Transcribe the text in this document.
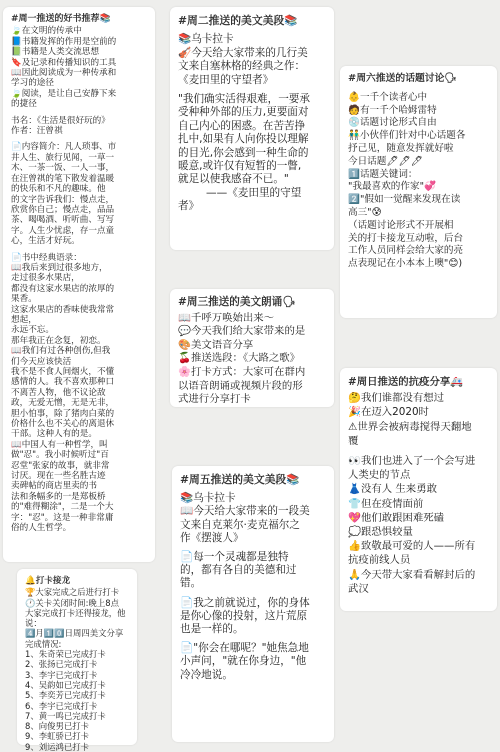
#周一推送的好书推荐📚
🍃在文明的传承中
📘书籍发挥的作用是空前的
📗书籍是人类交流思想
🔖及记录和传播知识的工具
📖因此阅读成为一种传承和
学习的途径
🍃阅读，是让自己安静下来
的捷径
书名：《生活是很好玩的》
作者：汪曾祺
📄内容简介：凡人琐事、市
井人生、旅行见闻，一草一
木、一茶一饭、一人一事，
在汪曾祺的笔下散发着温暖
的快乐和不凡的趣味。他
的文字告诉我们：慢点走，
欣赏你自己；慢点走，品品
茶、喝喝酒、听听曲、写写
字。人生少忧虑，存一点童
心，生活才好玩。
📄书中经典语录：
📖我后来到过很多地方，
走过很多水果店，
都没有这家水果店的浓厚的
果香。
这家水果店的香味使我常常
想起，
永远不忘。
那年我正在念复，初恋。
📖我们有过各种创伤,但我
们今天应该快活
我不是不食人间烟火，不懂
感情的人。我不喜欢那种口
不离苦人物，他不议论敌
政，无爱无憎，无是无非，
胆小怕事，除了猪肉白菜的
价格什么也不关心的离退休
干部。这种人有的是。
📖中国人有一种哲学，叫
做"忍"。我小时候听过"百
忍堂"张家的故事，就非常
讨厌。现在一些名胜古迹
卖碑帖的商店里卖的书
法和条幅多的一是郑板桥
的"难得糊涂"，二是一个大
字："忍"。这是一种非常庸
俗的人生哲学。
🔔打卡接龙
🏆大家完成之后进行打卡
🕐关卡关闭时间:晚上8点
大家完成打卡还得接龙，他
说：
4️⃣月1️⃣0️⃣日周四美文分享
完成情况:
1、朱奇荣已完成打卡
2、张扬已完成打卡
3、李宇已完成打卡
4、吴韵如已完成打卡
5、李奕芳已完成打卡
6、李宇已完成打卡
7、黄一鸣已完成打卡
8、向俊男已打卡
9、李虹骄已打卡
9、刘运鸿已打卡
#周二推送的美文美段📚
📚乌卡拉卡
🎻今天给大家带来的几行美
文来自塞林格的经典之作：
《麦田里的守望者》
"我们确实活得艰难，一要承
受种种外部的压力,更要面对
自己内心的困惑。在苦苦挣
扎中,如果有人向你投以理解
的目光,你会感到一种生命的
暖意,或许仅有短暂的一瞥,
就足以使我感奋不已。"
——《麦田里的守望
者》
#周三推送的美文朗诵🗣
📖千呼万唤始出来～
💬今天我们给大家带来的是
🎨美文语音分享
🍒推送选段：《大路之歌》
🌸打卡方式：大家可在群内
以语音朗诵或视频片段的形
式进行分享打卡
#周五推送的美文美段📚
📚乌卡拉卡
📖今天给大家带来的一段美
文来自克莱尔·麦克福尔之
作《摆渡人》
📄每一个灵魂都是独特
的，都有各自的美德和过
错。
📄我之前就说过，你的身体
是你心像的投射，这片荒原
也是一样的。
📄"你会在哪呢？"她焦急地
小声问，"就在你身边，"他
冷冷地说。
#周六推送的话题讨论🗣
👶一千个读者心中
🧑有一千个哈姆雷特
💿话题讨论形式自由
👬小伙伴们针对中心话题各
抒己见，随意发挥就好啦
今日话题🖊🖊🖊
1️⃣话题关键词：
"我最喜欢的作家"💞
2️⃣"假如一觉醒来发现在读
高三"😰
（话题讨论形式不开展相
关的打卡接龙互动啦，后台
工作人员同样会给大家的亮
点表现记在小本本上噢"😊)
#周日推送的抗疫分享🚑
🤔我们谁都没有想过
🎉在迈入2020时
⚠世界会被病毒搅得天翻地
覆
👀我们也进入了一个会写进
人类史的节点
👗没有人 生来勇敢
👕但在疫情面前
💖他们敢跟困难死磕
💭跟恐惧较量
👍致敬最可爱的人——所有
抗疫前线人员
🙏今天带大家看看解封后的
武汉
